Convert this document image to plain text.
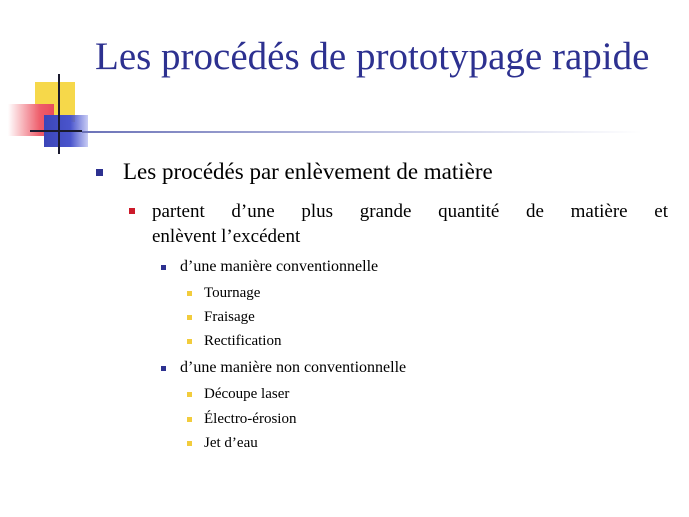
Les procédés de prototypage rapide

Les procédés par enlèvement de matière

partent d’une plus grande quantité de matière et
enlèvent l’excédent

d’une manière conventionnelle

Tournage

Fraisage

Rectification

d’une manière non conventionnelle

Découpe laser

Électro-érosion

Jet d’eau
